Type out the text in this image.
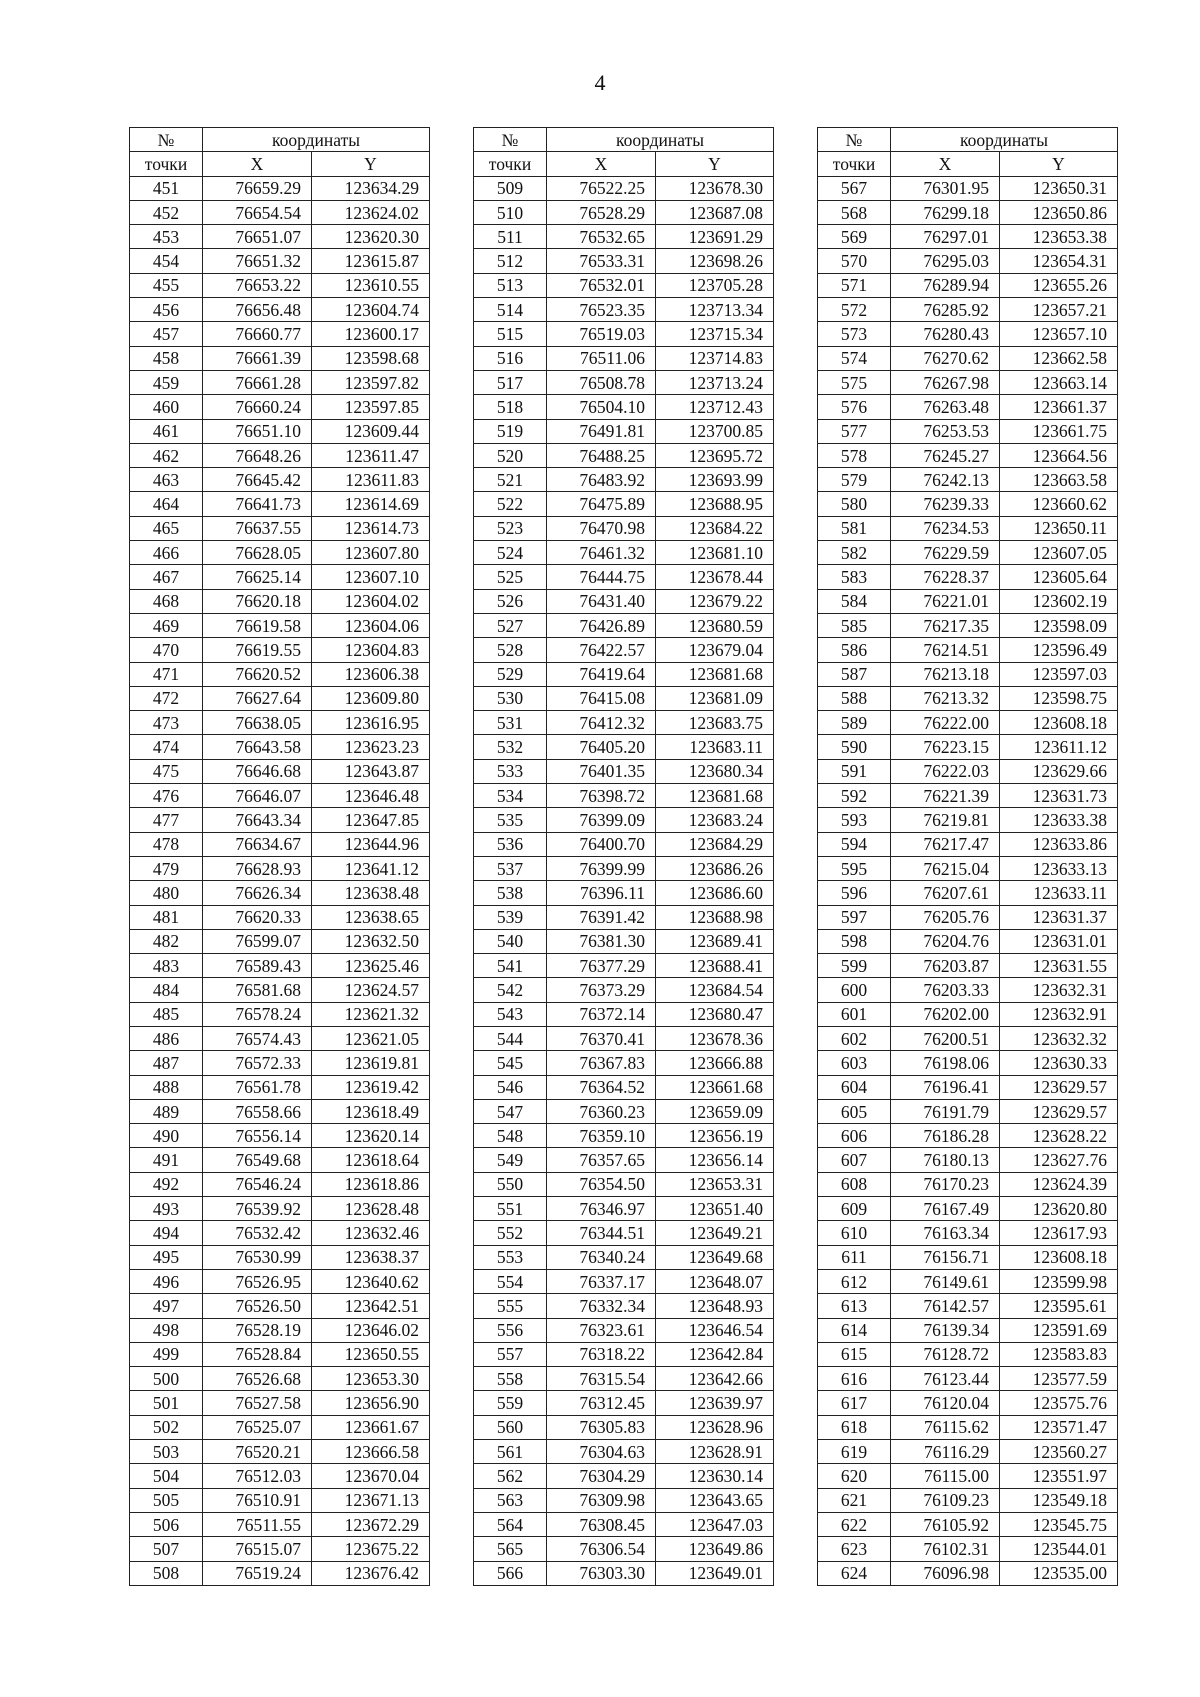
4
№	координаты	
точки	X	Y
451	76659.29	123634.29
452	76654.54	123624.02
453	76651.07	123620.30
454	76651.32	123615.87
455	76653.22	123610.55
456	76656.48	123604.74
457	76660.77	123600.17
458	76661.39	123598.68
459	76661.28	123597.82
460	76660.24	123597.85
461	76651.10	123609.44
462	76648.26	123611.47
463	76645.42	123611.83
464	76641.73	123614.69
465	76637.55	123614.73
466	76628.05	123607.80
467	76625.14	123607.10
468	76620.18	123604.02
469	76619.58	123604.06
470	76619.55	123604.83
471	76620.52	123606.38
472	76627.64	123609.80
473	76638.05	123616.95
474	76643.58	123623.23
475	76646.68	123643.87
476	76646.07	123646.48
477	76643.34	123647.85
478	76634.67	123644.96
479	76628.93	123641.12
480	76626.34	123638.48
481	76620.33	123638.65
482	76599.07	123632.50
483	76589.43	123625.46
484	76581.68	123624.57
485	76578.24	123621.32
486	76574.43	123621.05
487	76572.33	123619.81
488	76561.78	123619.42
489	76558.66	123618.49
490	76556.14	123620.14
491	76549.68	123618.64
492	76546.24	123618.86
493	76539.92	123628.48
494	76532.42	123632.46
495	76530.99	123638.37
496	76526.95	123640.62
497	76526.50	123642.51
498	76528.19	123646.02
499	76528.84	123650.55
500	76526.68	123653.30
501	76527.58	123656.90
502	76525.07	123661.67
503	76520.21	123666.58
504	76512.03	123670.04
505	76510.91	123671.13
506	76511.55	123672.29
507	76515.07	123675.22
508	76519.24	123676.42
№	координаты	
точки	X	Y
509	76522.25	123678.30
510	76528.29	123687.08
511	76532.65	123691.29
512	76533.31	123698.26
513	76532.01	123705.28
514	76523.35	123713.34
515	76519.03	123715.34
516	76511.06	123714.83
517	76508.78	123713.24
518	76504.10	123712.43
519	76491.81	123700.85
520	76488.25	123695.72
521	76483.92	123693.99
522	76475.89	123688.95
523	76470.98	123684.22
524	76461.32	123681.10
525	76444.75	123678.44
526	76431.40	123679.22
527	76426.89	123680.59
528	76422.57	123679.04
529	76419.64	123681.68
530	76415.08	123681.09
531	76412.32	123683.75
532	76405.20	123683.11
533	76401.35	123680.34
534	76398.72	123681.68
535	76399.09	123683.24
536	76400.70	123684.29
537	76399.99	123686.26
538	76396.11	123686.60
539	76391.42	123688.98
540	76381.30	123689.41
541	76377.29	123688.41
542	76373.29	123684.54
543	76372.14	123680.47
544	76370.41	123678.36
545	76367.83	123666.88
546	76364.52	123661.68
547	76360.23	123659.09
548	76359.10	123656.19
549	76357.65	123656.14
550	76354.50	123653.31
551	76346.97	123651.40
552	76344.51	123649.21
553	76340.24	123649.68
554	76337.17	123648.07
555	76332.34	123648.93
556	76323.61	123646.54
557	76318.22	123642.84
558	76315.54	123642.66
559	76312.45	123639.97
560	76305.83	123628.96
561	76304.63	123628.91
562	76304.29	123630.14
563	76309.98	123643.65
564	76308.45	123647.03
565	76306.54	123649.86
566	76303.30	123649.01
№	координаты	
точки	X	Y
567	76301.95	123650.31
568	76299.18	123650.86
569	76297.01	123653.38
570	76295.03	123654.31
571	76289.94	123655.26
572	76285.92	123657.21
573	76280.43	123657.10
574	76270.62	123662.58
575	76267.98	123663.14
576	76263.48	123661.37
577	76253.53	123661.75
578	76245.27	123664.56
579	76242.13	123663.58
580	76239.33	123660.62
581	76234.53	123650.11
582	76229.59	123607.05
583	76228.37	123605.64
584	76221.01	123602.19
585	76217.35	123598.09
586	76214.51	123596.49
587	76213.18	123597.03
588	76213.32	123598.75
589	76222.00	123608.18
590	76223.15	123611.12
591	76222.03	123629.66
592	76221.39	123631.73
593	76219.81	123633.38
594	76217.47	123633.86
595	76215.04	123633.13
596	76207.61	123633.11
597	76205.76	123631.37
598	76204.76	123631.01
599	76203.87	123631.55
600	76203.33	123632.31
601	76202.00	123632.91
602	76200.51	123632.32
603	76198.06	123630.33
604	76196.41	123629.57
605	76191.79	123629.57
606	76186.28	123628.22
607	76180.13	123627.76
608	76170.23	123624.39
609	76167.49	123620.80
610	76163.34	123617.93
611	76156.71	123608.18
612	76149.61	123599.98
613	76142.57	123595.61
614	76139.34	123591.69
615	76128.72	123583.83
616	76123.44	123577.59
617	76120.04	123575.76
618	76115.62	123571.47
619	76116.29	123560.27
620	76115.00	123551.97
621	76109.23	123549.18
622	76105.92	123545.75
623	76102.31	123544.01
624	76096.98	123535.00
